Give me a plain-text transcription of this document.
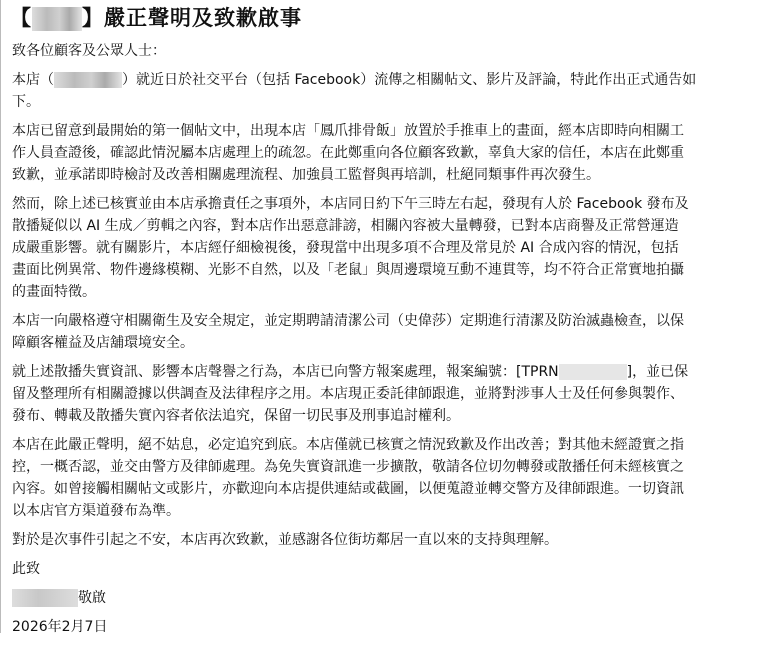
【 】嚴正聲明及致歉啟事
致各位顧客及公眾人士：
本店（	）就近日於社交平台（包括 Facebook）流傳之相關帖文、影片及評論，特此作出正式通告如
下。
本店已留意到最開始的第一個帖文中，出現本店「鳳爪排骨飯」放置於手推車上的畫面，經本店即時向相關工
作人員查證後，確認此情況屬本店處理上的疏忽。在此鄭重向各位顧客致歉，辜負大家的信任，本店在此鄭重
致歉，並承諾即時檢討及改善相關處理流程、加強員工監督與再培訓，杜絕同類事件再次發生。
然而，除上述已核實並由本店承擔責任之事項外，本店同日約下午三時左右起，發現有人於 Facebook 發布及
散播疑似以 AI 生成／剪輯之內容，對本店作出惡意誹謗，相關內容被大量轉發，已對本店商譽及正常營運造
成嚴重影響。就有關影片，本店經仔細檢視後，發現當中出現多項不合理及常見於 AI 合成內容的情況，包括
畫面比例異常、物件邊緣模糊、光影不自然，以及「老鼠」與周邊環境互動不連貫等，均不符合正常實地拍攝
的畫面特徵。
本店一向嚴格遵守相關衛生及安全規定，並定期聘請清潔公司（史偉莎）定期進行清潔及防治滅蟲檢查，以保
障顧客權益及店舖環境安全。
就上述散播失實資訊、影響本店聲譽之行為，本店已向警方報案處理，報案編號：[TPRN	]，並已保
留及整理所有相關證據以供調查及法律程序之用。本店現正委託律師跟進，並將對涉事人士及任何參與製作、
發布、轉載及散播失實內容者依法追究，保留一切民事及刑事追討權利。
本店在此嚴正聲明，絕不姑息，必定追究到底。本店僅就已核實之情況致歉及作出改善；對其他未經證實之指
控，一概否認，並交由警方及律師處理。為免失實資訊進一步擴散，敬請各位切勿轉發或散播任何未經核實之
內容。如曾接觸相關帖文或影片，亦歡迎向本店提供連結或截圖，以便蒐證並轉交警方及律師跟進。一切資訊
以本店官方渠道發布為準。
對於是次事件引起之不安，本店再次致歉，並感謝各位街坊鄰居一直以來的支持與理解。
此致
敬啟
2026年2月7日
